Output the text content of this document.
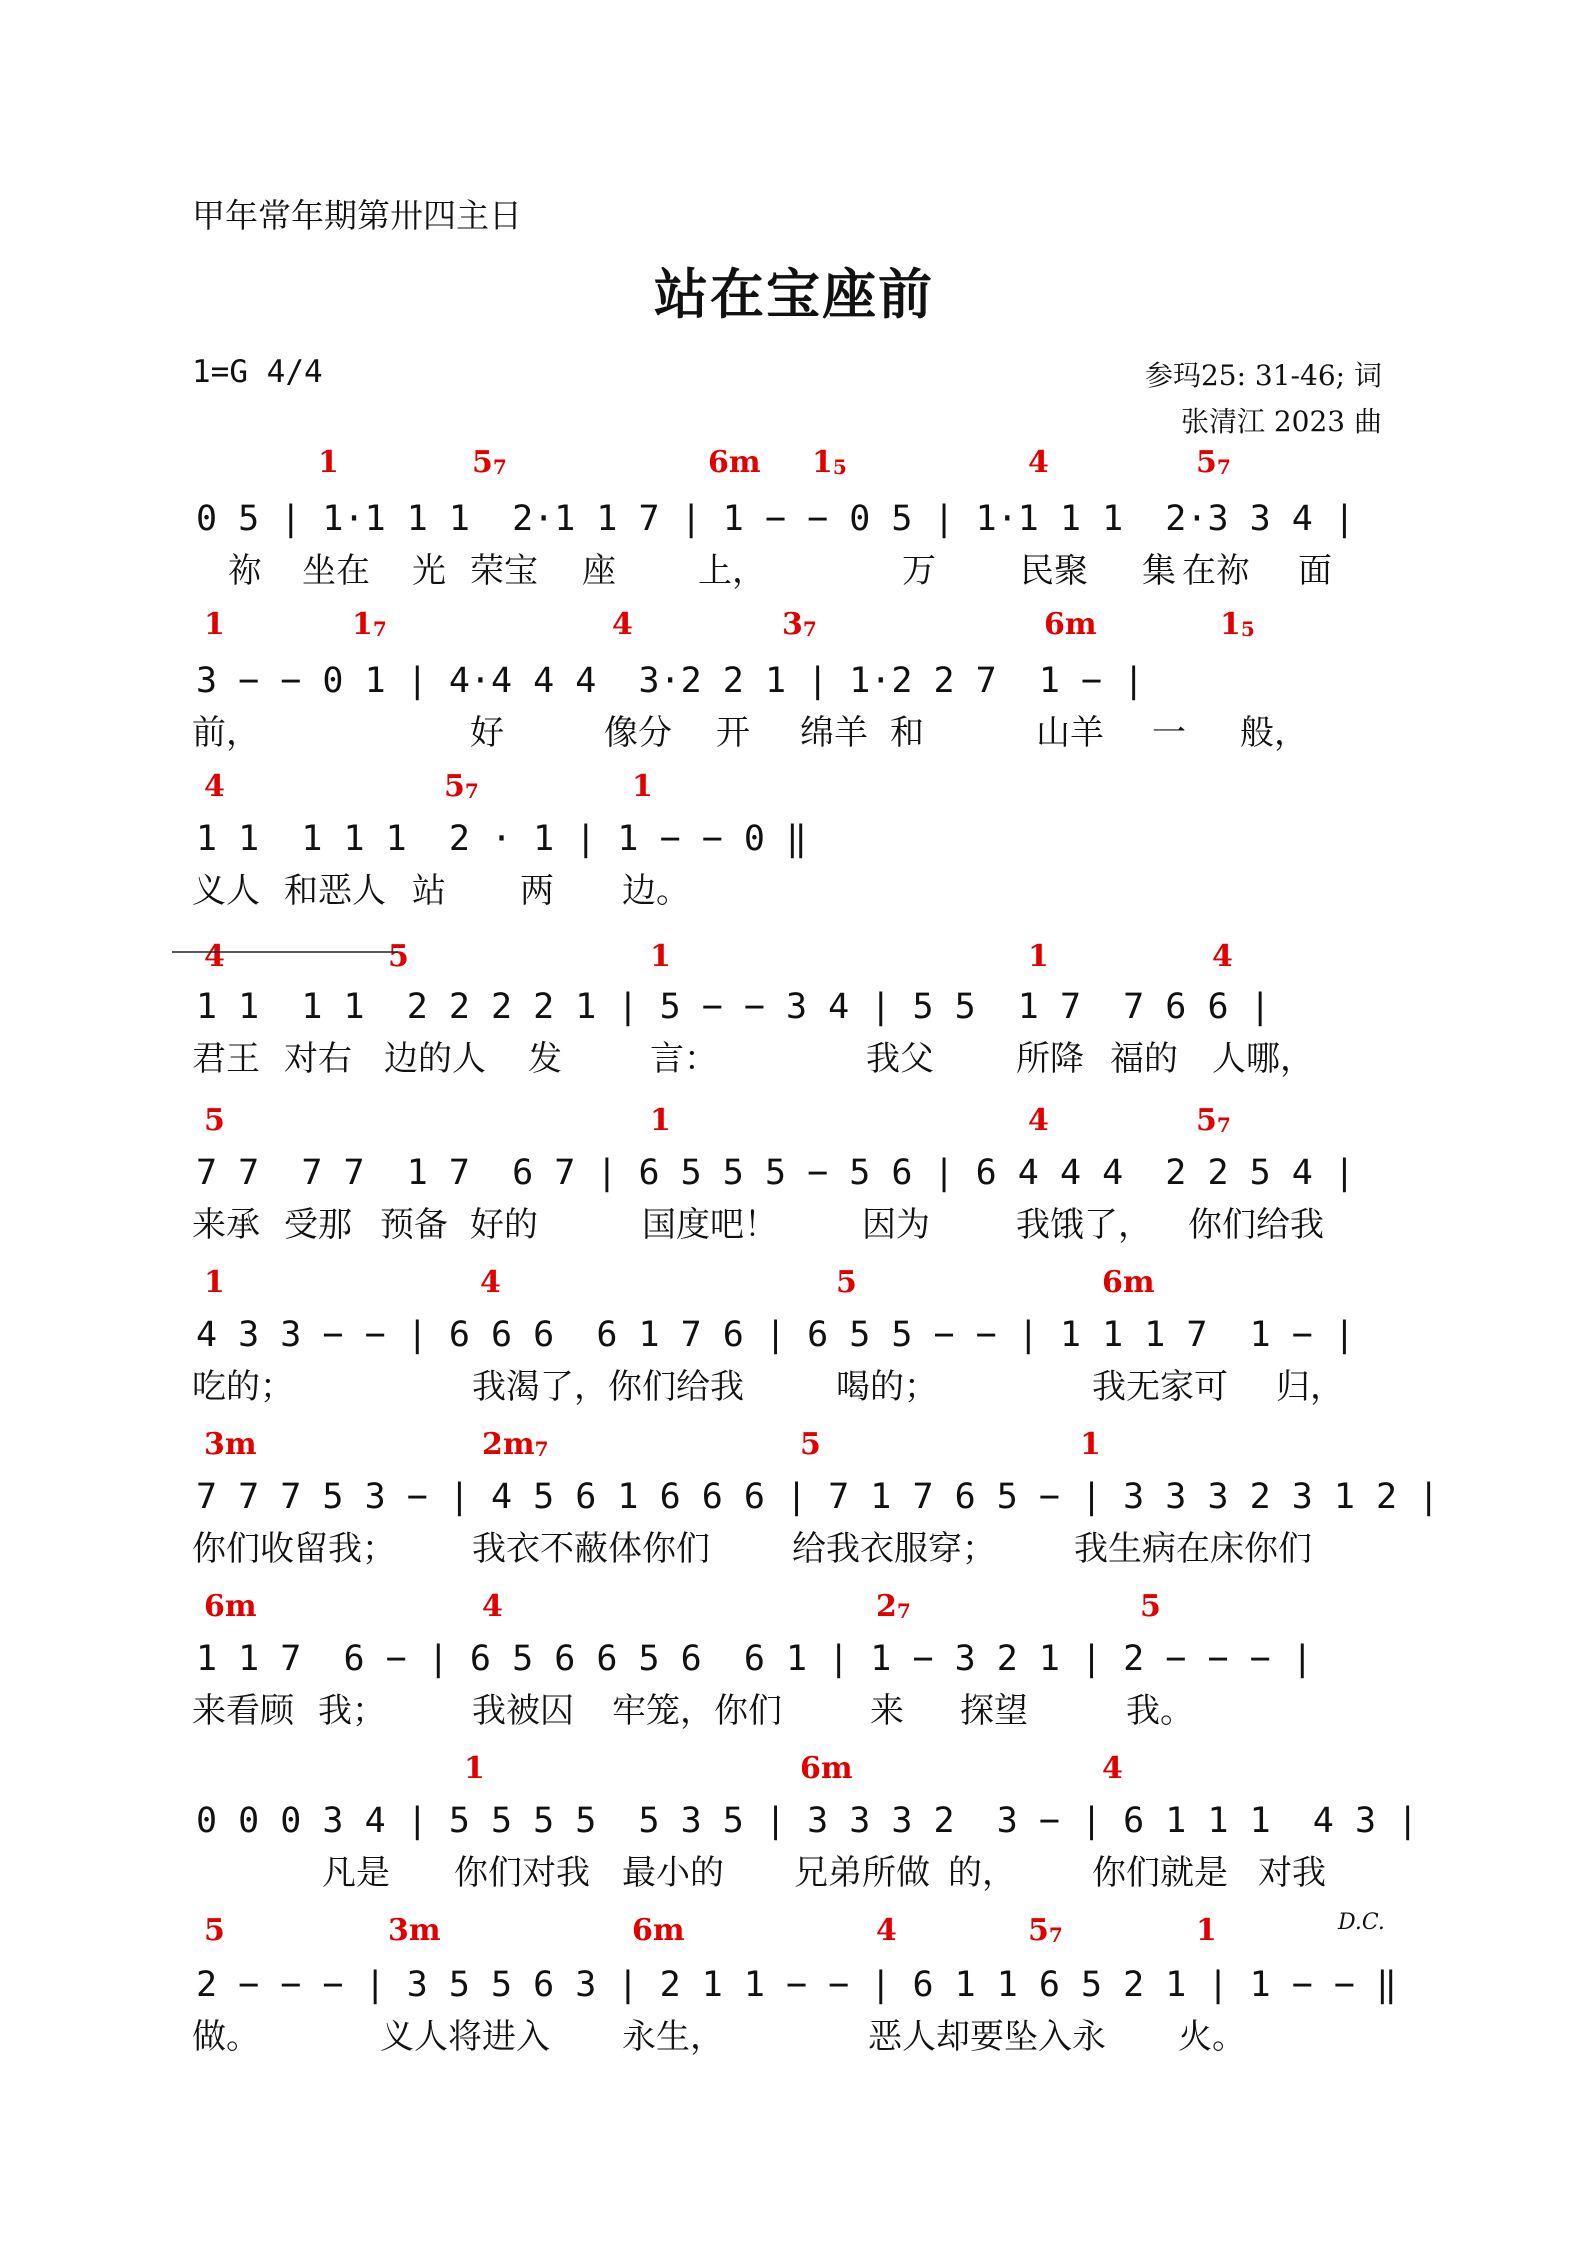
甲年常年期第卅四主日
站在宝座前
1=G 4/4	参玛25: 31-46; 词
张清江 2023 曲
D.C.
1	57	6m 15	4	57
0 5 | 1·1 1 1  2·1 1 7 | 1 − − 0 5 | 1·1 1 1  2·3 3 4 |
祢 坐在 光 荣宝 座 上，	万 民聚 集 在祢 面
1	17	4	37	6m	15
3 − − 0 1 | 4·4 4 4  3·2 2 1 | 1·2 2 7  1 − |
前，	好	像分 开 绵羊 和	山羊 一 般，
4	57	1
1 1  1 1 1  2 · 1 | 1 − − 0 ‖
义人 和恶人 站 两 边。
4	5	1	1	4
1 1  1 1  2 2 2 2 1 | 5 − − 3 4 | 5 5  1 7  7 6 6 |
君王 对右 边的人 发	言：	我父 所降 福的 人哪，
5	1	4	57
7 7  7 7  1 7  6 7 | 6 5 5 5 − 5 6 | 6 4 4 4  2 2 5 4 |
来承 受那 预备 好的	国度吧！ 因为	我饿了， 你们给我
1	4	5	6m
4 3 3 − − | 6 6 6  6 1 7 6 | 6 5 5 − − | 1 1 1 7  1 − |
吃的；	我渴了，你们给我	喝的；	我无家可 归，
3m	2m7	5	1
7 7 7 5 3 − | 4 5 6 1 6 6 6 | 7 1 7 6 5 − | 3 3 3 2 3 1 2 |
你们收留我； 我衣不蔽体你们 给我衣服穿； 我生病在床你们
6m	4	27	5
1 1 7  6 − | 6 5 6 6 5 6  6 1 | 1 − 3 2 1 | 2 − − − |
来看顾 我；	我被囚 牢笼，你们	来 探望	我。
1	6m	4
0 0 0 3 4 | 5 5 5 5  5 3 5 | 3 3 3 2  3 − | 6 1 1 1  4 3 |
凡是 你们对我 最小的 兄弟所做 的， 你们就是 对我
5	3m	6m	4	57	1
2 − − − | 3 5 5 6 3 | 2 1 1 − − | 6 1 1 6 5 2 1 | 1 − − ‖
做。	义人将进入 永生，	恶人却要坠入永 火。
